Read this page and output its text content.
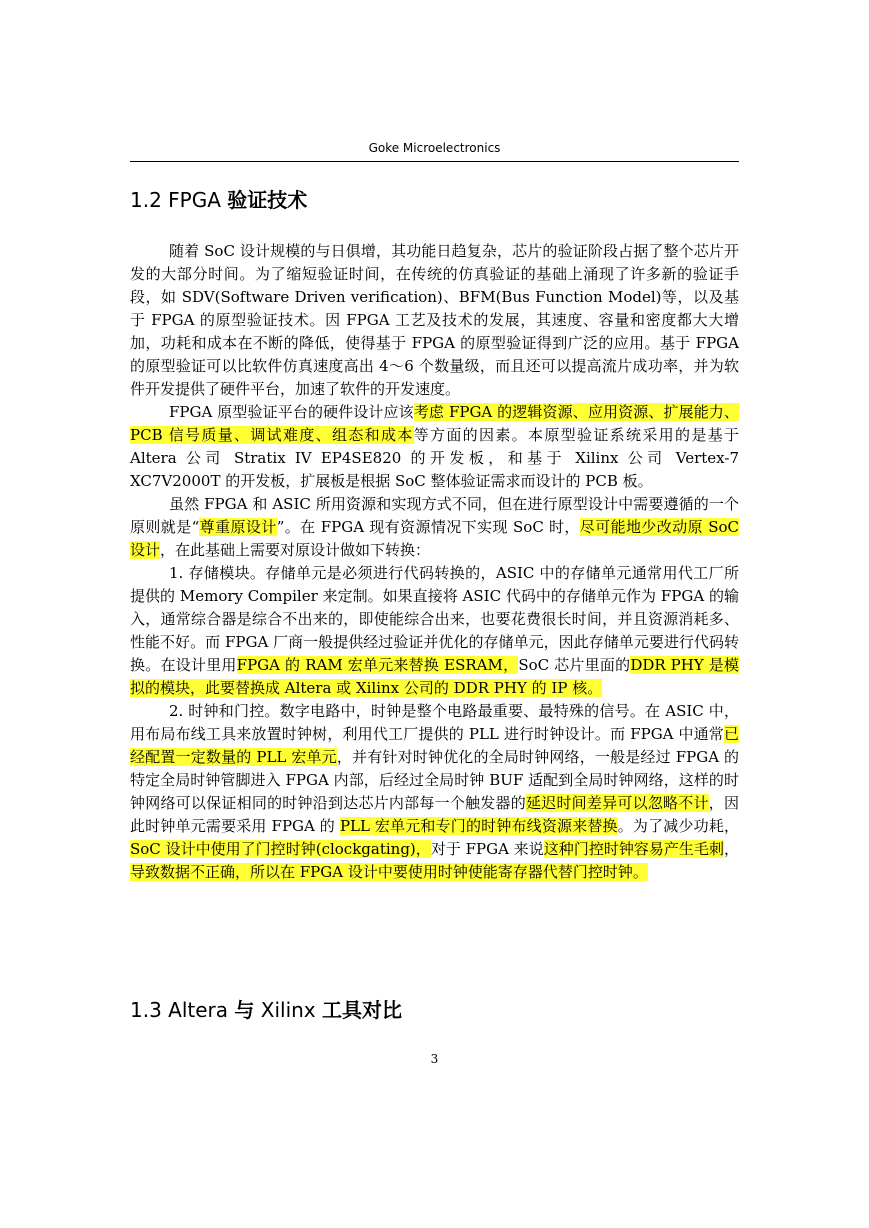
Goke Microelectronics
1.2 FPGA 验证技术

随着 SoC 设计规模的与日俱增，其功能日趋复杂，芯片的验证阶段占据了整个芯片开发的大部分时间。为了缩短验证时间，在传统的仿真验证的基础上涌现了许多新的验证手段，如 SDV(Software Driven verification)、BFM(Bus Function Model)等，以及基于 FPGA 的原型验证技术。因 FPGA 工艺及技术的发展，其速度、容量和密度都大大增加，功耗和成本在不断的降低，使得基于 FPGA 的原型验证得到广泛的应用。基于 FPGA 的原型验证可以比软件仿真速度高出 4～6 个数量级，而且还可以提高流片成功率，并为软件开发提供了硬件平台，加速了软件的开发速度。

FPGA 原型验证平台的硬件设计应该考虑 FPGA 的逻辑资源、应用资源、扩展能力、PCB 信号质量、调试难度、组态和成本等方面的因素。本原型验证系统采用的是基于 Altera 公司 Stratix IV EP4SE820 的开发板，和基于 Xilinx 公司 Vertex-7 XC7V2000T 的开发板，扩展板是根据 SoC 整体验证需求而设计的 PCB 板。

虽然 FPGA 和 ASIC 所用资源和实现方式不同，但在进行原型设计中需要遵循的一个原则就是“尊重原设计”。在 FPGA 现有资源情况下实现 SoC 时，尽可能地少改动原 SoC 设计，在此基础上需要对原设计做如下转换：

1. 存储模块。存储单元是必须进行代码转换的，ASIC 中的存储单元通常用代工厂所提供的 Memory Compiler 来定制。如果直接将 ASIC 代码中的存储单元作为 FPGA 的输入，通常综合器是综合不出来的，即使能综合出来，也要花费很长时间，并且资源消耗多、性能不好。而 FPGA 厂商一般提供经过验证并优化的存储单元，因此存储单元要进行代码转换。在设计里用FPGA 的 RAM 宏单元来替换 ESRAM，SoC 芯片里面的DDR PHY 是模拟的模块，此要替换成 Altera 或 Xilinx 公司的 DDR PHY 的 IP 核。

2. 时钟和门控。数字电路中，时钟是整个电路最重要、最特殊的信号。在 ASIC 中，用布局布线工具来放置时钟树，利用代工厂提供的 PLL 进行时钟设计。而 FPGA 中通常已经配置一定数量的 PLL 宏单元，并有针对时钟优化的全局时钟网络，一般是经过 FPGA 的特定全局时钟管脚进入 FPGA 内部，后经过全局时钟 BUF 适配到全局时钟网络，这样的时钟网络可以保证相同的时钟沿到达芯片内部每一个触发器的延迟时间差异可以忽略不计，因此时钟单元需要采用 FPGA 的 PLL 宏单元和专门的时钟布线资源来替换。为了减少功耗，SoC 设计中使用了门控时钟(clockgating)，对于 FPGA 来说这种门控时钟容易产生毛刺，导致数据不正确，所以在 FPGA 设计中要使用时钟使能寄存器代替门控时钟。

1.3 Altera 与 Xilinx 工具对比
3
